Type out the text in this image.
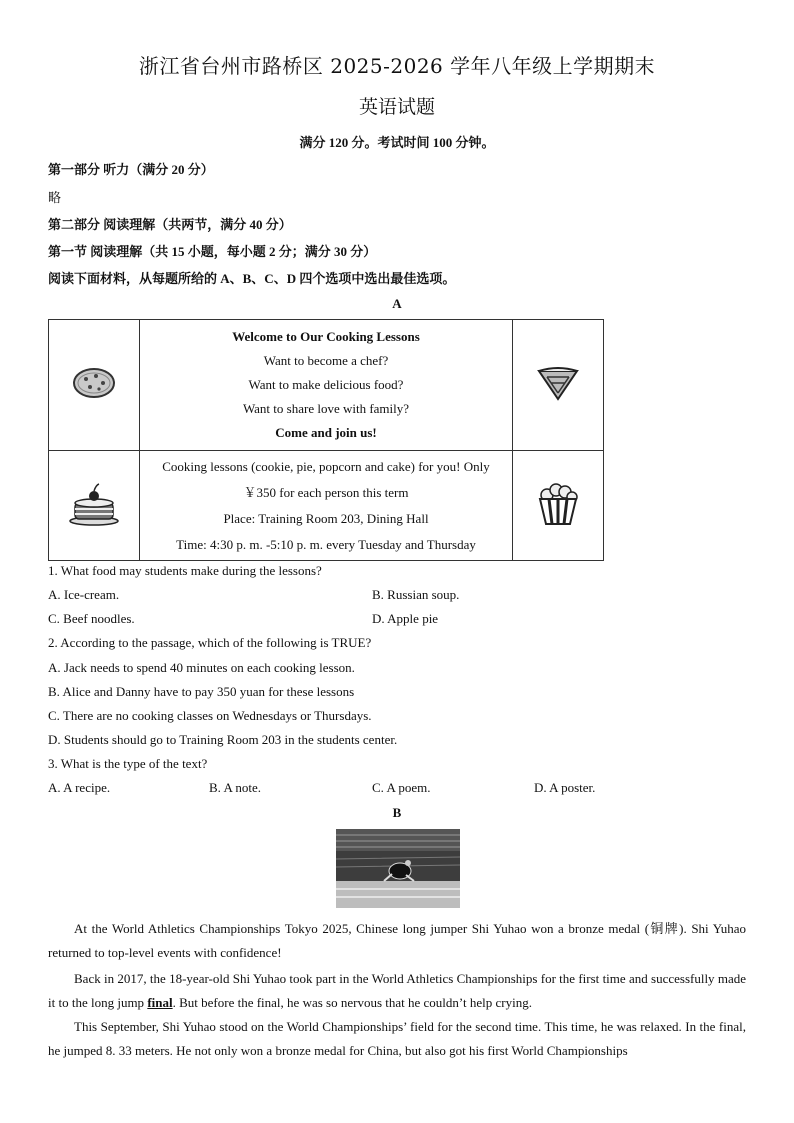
浙江省台州市路桥区 2025-2026 学年八年级上学期期末
英语试题
满分 120 分。考试时间 100 分钟。
第一部分 听力（满分 20 分）
略
第二部分 阅读理解（共两节，满分 40 分）
第一节 阅读理解（共 15 小题，每小题 2 分；满分 30 分）
阅读下面材料，从每题所给的 A、B、C、D 四个选项中选出最佳选项。
A

Welcome to Our Cooking Lessons
Want to become a chef?
Want to make delicious food?
Want to share love with family?
Come and join us!

Cooking lessons (cookie, pie, popcorn and cake) for you! Only
￥350 for each person this term
Place: Training Room 203, Dining Hall
Time: 4:30 p. m. -5:10 p. m. every Tuesday and Thursday

1. What food may students make during the lessons?
A. Ice-cream.	B. Russian soup.
C. Beef noodles.	D. Apple pie
2. According to the passage, which of the following is TRUE?
A. Jack needs to spend 40 minutes on each cooking lesson.
B. Alice and Danny have to pay 350 yuan for these lessons
C. There are no cooking classes on Wednesdays or Thursdays.
D. Students should go to Training Room 203 in the students center.
3. What is the type of the text?
A. A recipe.	B. A note.	C. A poem.	D. A poster.
B
At the World Athletics Championships Tokyo 2025, Chinese long jumper Shi Yuhao won a bronze medal (铜牌). Shi Yuhao returned to top-level events with confidence!
Back in 2017, the 18-year-old Shi Yuhao took part in the World Athletics Championships for the first time and successfully made it to the long jump final. But before the final, he was so nervous that he couldn’t help crying.
This September, Shi Yuhao stood on the World Championships’ field for the second time. This time, he was relaxed. In the final, he jumped 8. 33 meters. He not only won a bronze medal for China, but also got his first World Championships
